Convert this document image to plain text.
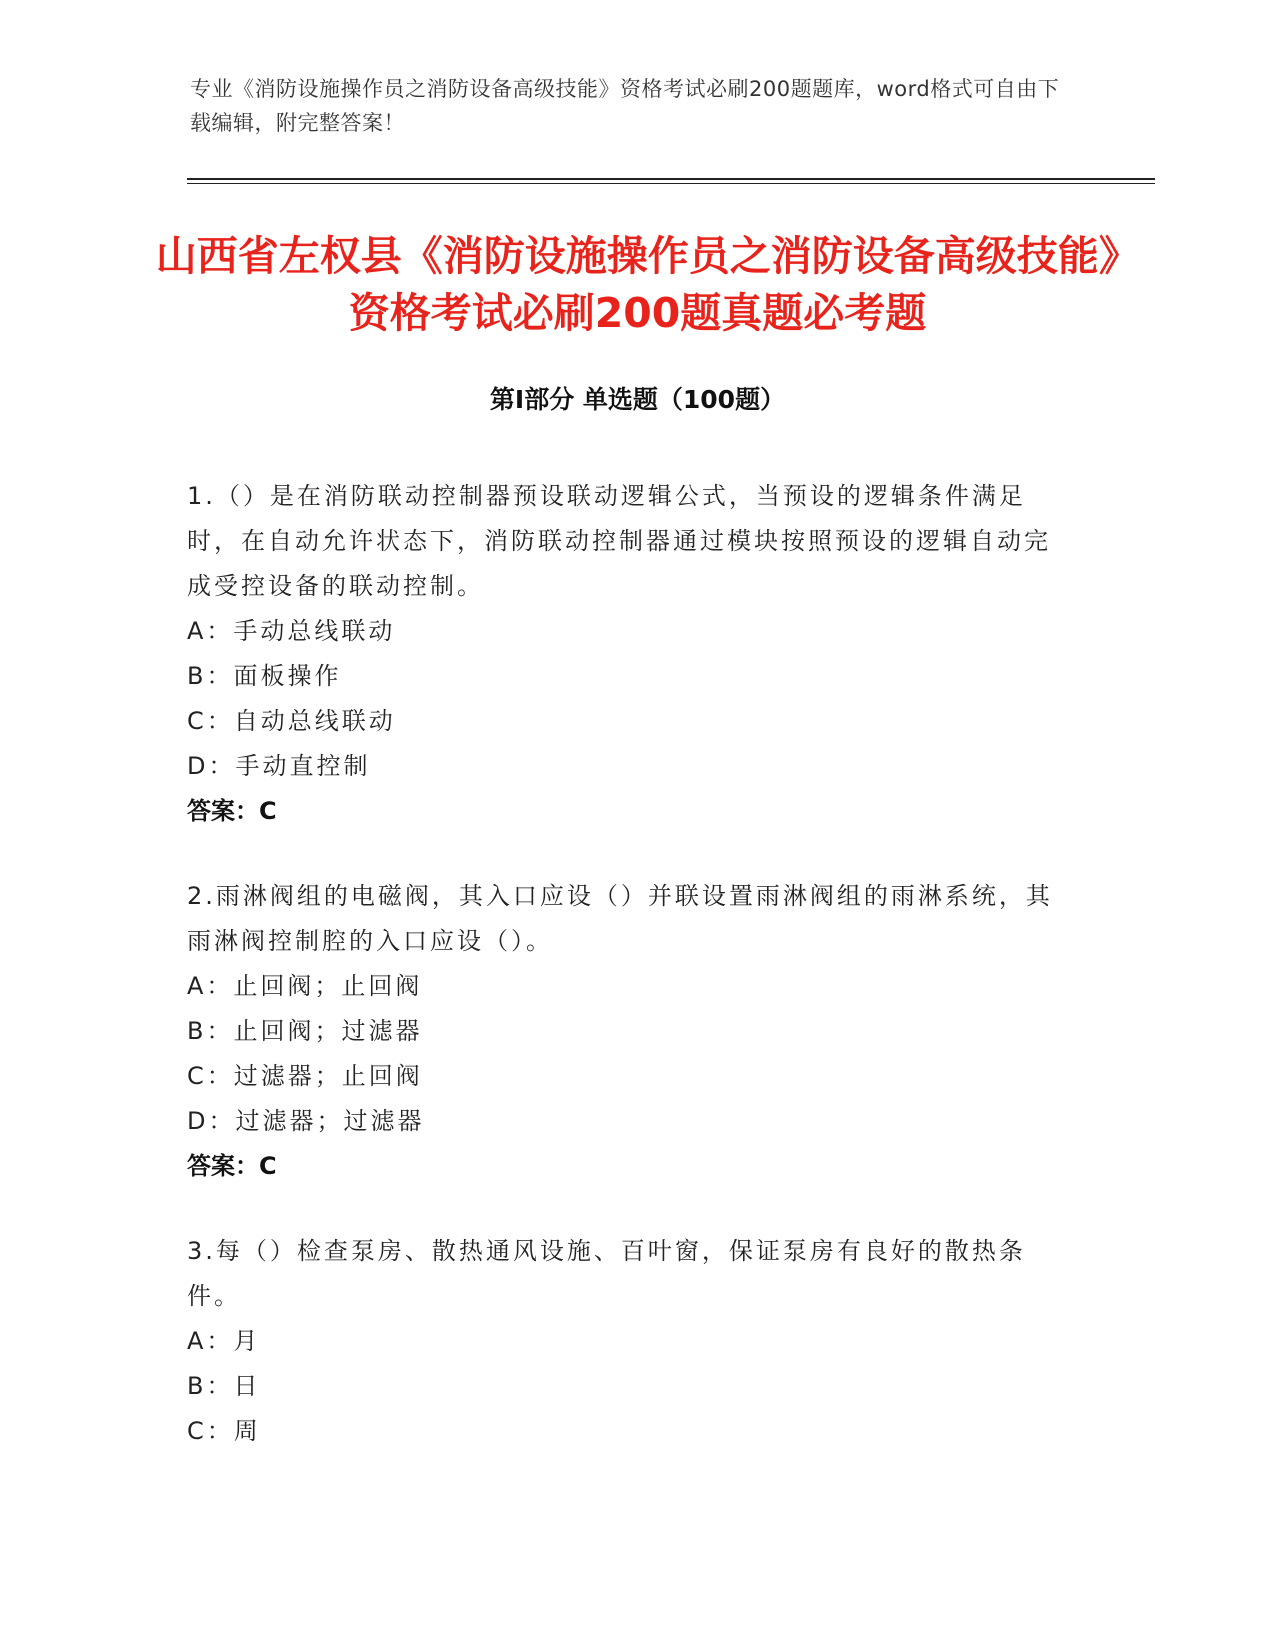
专业《消防设施操作员之消防设备高级技能》资格考试必刷200题题库，word格式可自由下载编辑，附完整答案！
山西省左权县《消防设施操作员之消防设备高级技能》资格考试必刷200题真题必考题
第Ⅰ部分 单选题（100题）

1.（）是在消防联动控制器预设联动逻辑公式，当预设的逻辑条件满足时，在自动允许状态下，消防联动控制器通过模块按照预设的逻辑自动完成受控设备的联动控制。

A：手动总线联动

B：面板操作

C：自动总线联动

D：手动直控制

答案：C

2.雨淋阀组的电磁阀，其入口应设（）并联设置雨淋阀组的雨淋系统，其雨淋阀控制腔的入口应设（）。

A：止回阀；止回阀

B：止回阀；过滤器

C：过滤器；止回阀

D：过滤器；过滤器

答案：C

3.每（）检查泵房、散热通风设施、百叶窗，保证泵房有良好的散热条件。

A：月

B：日

C：周
